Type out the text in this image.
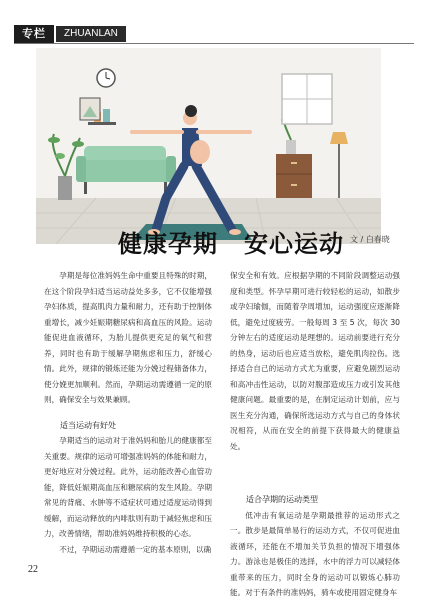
专栏	ZHUANLAN
健康孕期 安心运动 文 / 白春晓

孕期是每位准妈妈生命中重要且特殊的时期，在这个阶段孕妇适当运动益处多多，它不仅能增强孕妇体质，提高肌肉力量和耐力，还有助于控制体重增长，减少妊娠期糖尿病和高血压的风险。运动能促进血液循环，为胎儿提供更充足的氧气和营养，同时也有助于缓解孕期焦虑和压力，舒缓心情。此外，规律的锻炼还能为分娩过程储备体力，使分娩更加顺利。然而，孕期运动需遵循一定的原则，确保安全与效果兼顾。

适当运动有好处

孕期适当的运动对于准妈妈和胎儿的健康都至关重要。规律的运动可增强准妈妈的体能和耐力，更好地应对分娩过程。此外，运动能改善心血管功能，降低妊娠期高血压和糖尿病的发生风险。孕期常见的背痛、水肿等不适症状可通过适度运动得到缓解，而运动释放的内啡肽则有助于减轻焦虑和压力，改善情绪，帮助准妈妈维持积极的心态。

不过，孕期运动需遵循一定的基本原则，以确

保安全和有效。应根据孕期的不同阶段调整运动强度和类型。怀孕早期可进行较轻松的运动，如散步或孕妇瑜伽，而随着孕周增加，运动强度应逐渐降低，避免过度疲劳。一般每周 3 至 5 次，每次 30 分钟左右的适度运动是理想的。运动前要进行充分的热身，运动后也应适当放松，避免肌肉拉伤。选择适合自己的运动方式尤为重要，应避免剧烈运动和高冲击性运动，以防对腹部造成压力或引发其他健康问题。最重要的是，在制定运动计划前，应与医生充分沟通，确保所选运动方式与自己的身体状况相符，从而在安全的前提下获得最大的健康益处。

适合孕期的运动类型

低冲击有氧运动是孕期最推荐的运动形式之一。散步是最简单易行的运动方式，不仅可促进血液循环，还能在不增加关节负担的情况下增强体力。游泳也是极佳的选择，水中的浮力可以减轻体重带来的压力，同时全身的运动可以锻炼心肺功能。对于有条件的准妈妈，骑车或使用固定健身车

22
